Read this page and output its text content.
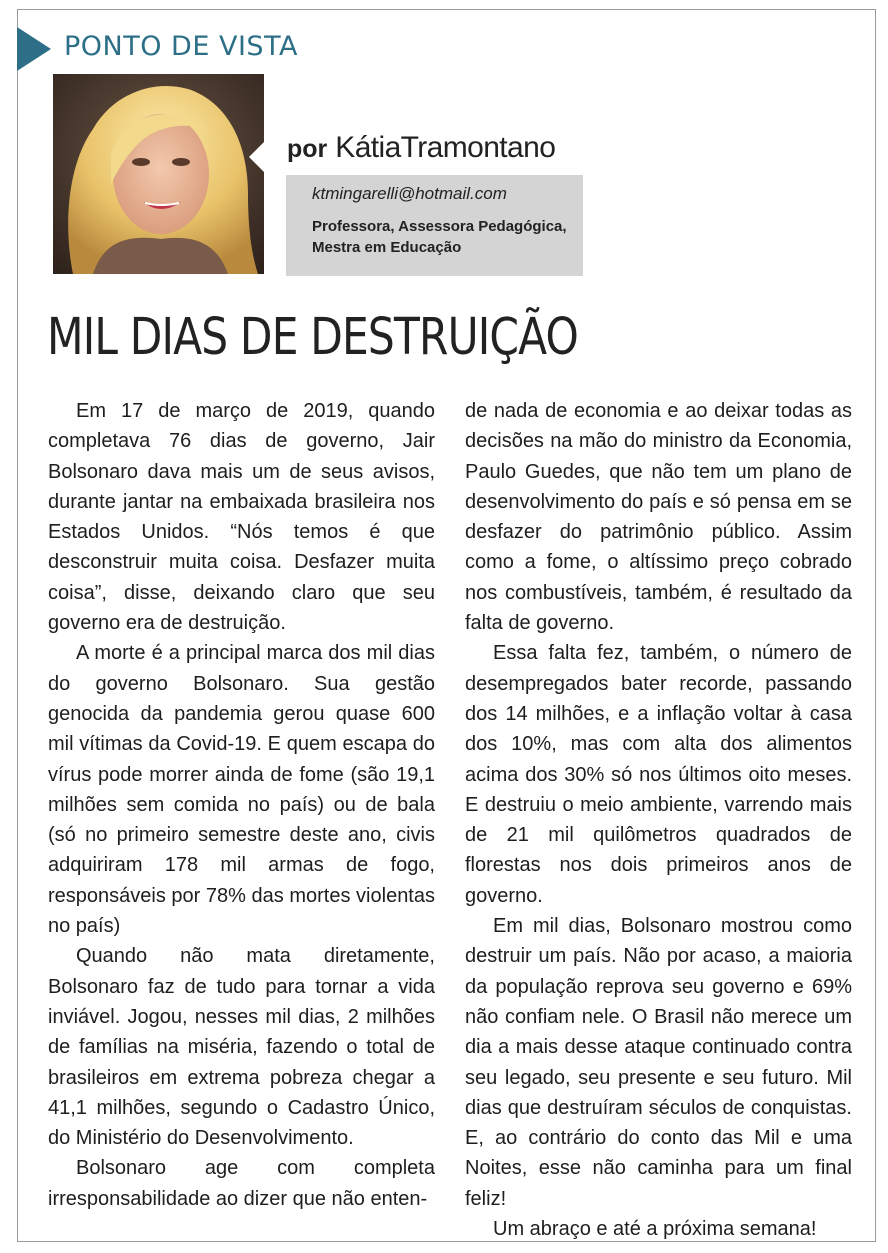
PONTO DE VISTA
por KátiaTramontano
ktmingarelli@hotmail.com
Professora, Assessora Pedagógica, Mestra em Educação
MIL DIAS DE DESTRUIÇÃO

Em 17 de março de 2019, quando completava 76 dias de governo, Jair Bolsonaro dava mais um de seus avisos, durante jantar na embaixada brasileira nos Estados Unidos. “Nós temos é que desconstruir muita coisa. Desfazer muita coisa”, disse, deixando claro que seu governo era de destruição.

A morte é a principal marca dos mil dias do governo Bolsonaro. Sua gestão genocida da pandemia gerou quase 600 mil vítimas da Covid-19. E quem escapa do vírus pode morrer ainda de fome (são 19,1 milhões sem comida no país) ou de bala (só no primeiro semestre deste ano, civis adquiriram 178 mil armas de fogo, responsáveis por 78% das mortes violentas no país)

Quando não mata diretamente, Bolsonaro faz de tudo para tornar a vida inviável. Jogou, nesses mil dias, 2 milhões de famílias na miséria, fazendo o total de brasileiros em extrema pobreza chegar a 41,1 milhões, segundo o Cadastro Único, do Ministério do Desenvolvimento.

Bolsonaro age com completa irresponsabilidade ao dizer que não enten-

de nada de economia e ao deixar todas as decisões na mão do ministro da Economia, Paulo Guedes, que não tem um plano de desenvolvimento do país e só pensa em se desfazer do patrimônio público. Assim como a fome, o altíssimo preço cobrado nos combustíveis, também, é resultado da falta de governo.

Essa falta fez, também, o número de desempregados bater recorde, passando dos 14 milhões, e a inflação voltar à casa dos 10%, mas com alta dos alimentos acima dos 30% só nos últimos oito meses. E destruiu o meio ambiente, varrendo mais de 21 mil quilômetros quadrados de florestas nos dois primeiros anos de governo.

Em mil dias, Bolsonaro mostrou como destruir um país. Não por acaso, a maioria da população reprova seu governo e 69% não confiam nele. O Brasil não merece um dia a mais desse ataque continuado contra seu legado, seu presente e seu futuro. Mil dias que destruíram séculos de conquistas. E, ao contrário do conto das Mil e uma Noites, esse não caminha para um final feliz!

Um abraço e até a próxima semana!
